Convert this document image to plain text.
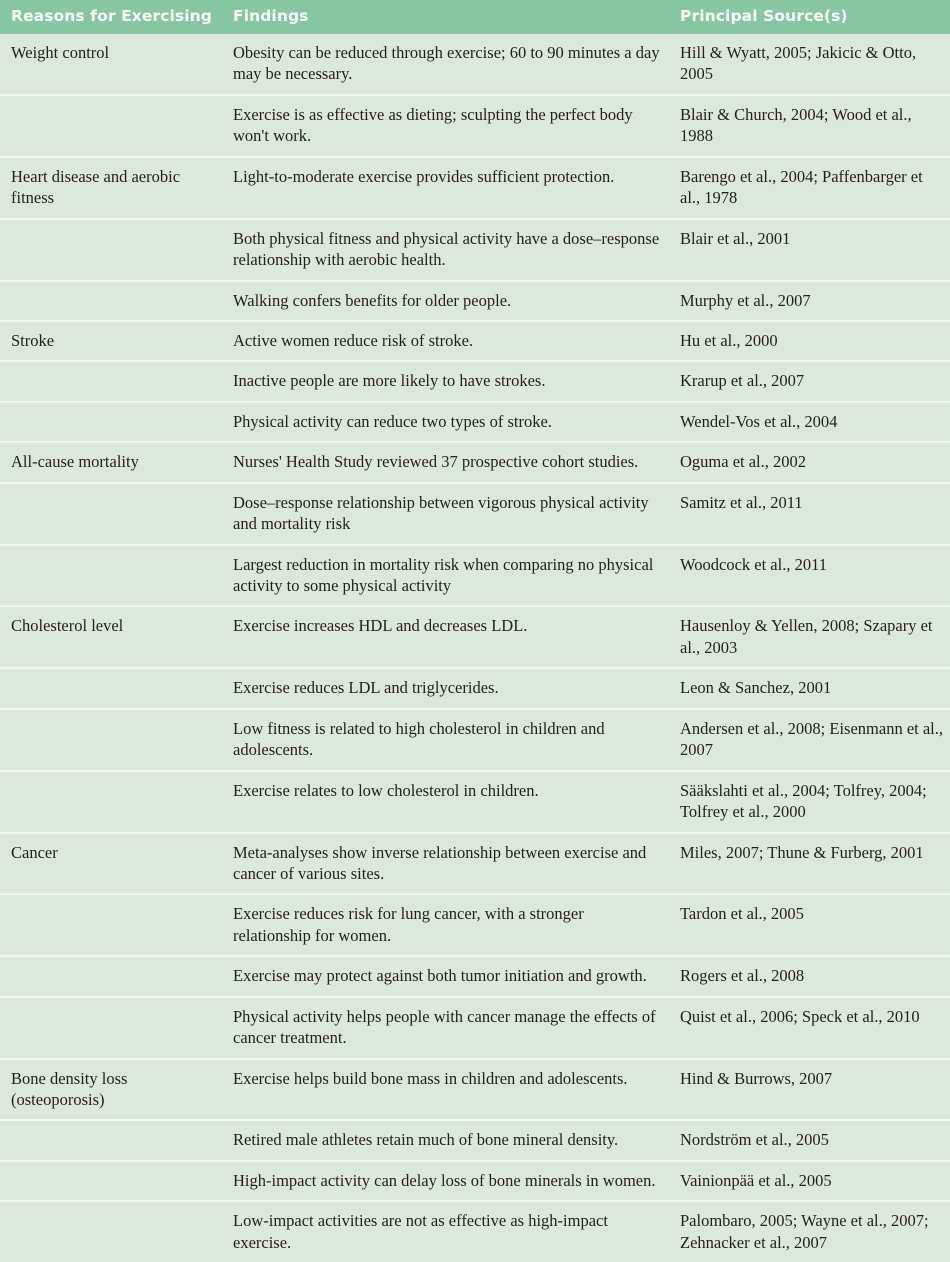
Reasons for Exercising	Findings	Principal Source(s)
Weight control	Obesity can be reduced through exercise; 60 to 90 minutes a day may be necessary.	Hill & Wyatt, 2005; Jakicic & Otto, 2005
	Exercise is as effective as dieting; sculpting the perfect body won't work.	Blair & Church, 2004; Wood et al., 1988
Heart disease and aerobic fitness	Light-to-moderate exercise provides sufficient protection.	Barengo et al., 2004; Paffenbarger et al., 1978
	Both physical fitness and physical activity have a dose–response relationship with aerobic health.	Blair et al., 2001
	Walking confers benefits for older people.	Murphy et al., 2007
Stroke	Active women reduce risk of stroke.	Hu et al., 2000
	Inactive people are more likely to have strokes.	Krarup et al., 2007
	Physical activity can reduce two types of stroke.	Wendel-Vos et al., 2004
All-cause mortality	Nurses' Health Study reviewed 37 prospective cohort studies.	Oguma et al., 2002
	Dose–response relationship between vigorous physical activity and mortality risk	Samitz et al., 2011
	Largest reduction in mortality risk when comparing no physical activity to some physical activity	Woodcock et al., 2011
Cholesterol level	Exercise increases HDL and decreases LDL.	Hausenloy & Yellen, 2008; Szapary et al., 2003
	Exercise reduces LDL and triglycerides.	Leon & Sanchez, 2001
	Low fitness is related to high cholesterol in children and adolescents.	Andersen et al., 2008; Eisenmann et al., 2007
	Exercise relates to low cholesterol in children.	Sääkslahti et al., 2004; Tolfrey, 2004; Tolfrey et al., 2000
Cancer	Meta-analyses show inverse relationship between exercise and cancer of various sites.	Miles, 2007; Thune & Furberg, 2001
	Exercise reduces risk for lung cancer, with a stronger relationship for women.	Tardon et al., 2005
	Exercise may protect against both tumor initiation and growth.	Rogers et al., 2008
	Physical activity helps people with cancer manage the effects of cancer treatment.	Quist et al., 2006; Speck et al., 2010
Bone density loss (osteoporosis)	Exercise helps build bone mass in children and adolescents.	Hind & Burrows, 2007
	Retired male athletes retain much of bone mineral density.	Nordström et al., 2005
	High-impact activity can delay loss of bone minerals in women.	Vainionpää et al., 2005
	Low-impact activities are not as effective as high-impact exercise.	Palombaro, 2005; Wayne et al., 2007; Zehnacker et al., 2007
